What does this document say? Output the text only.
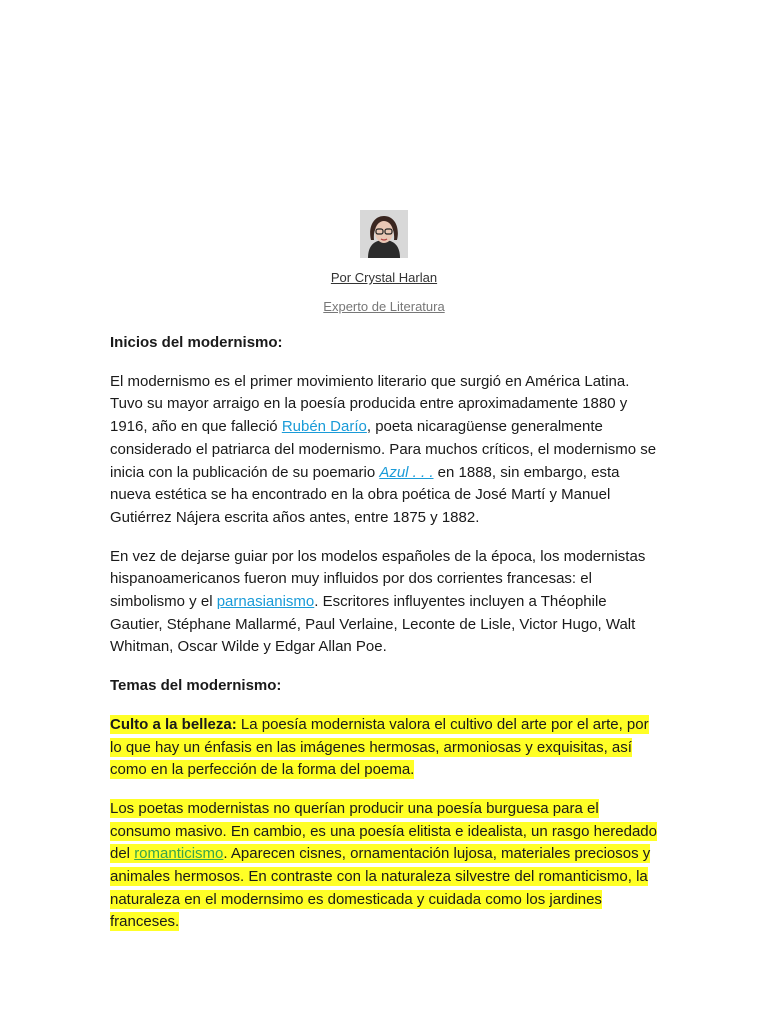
Por Crystal Harlan
Experto de Literatura
Inicios del modernismo:

El modernismo es el primer movimiento literario que surgió en América Latina. Tuvo su mayor arraigo en la poesía producida entre aproximadamente 1880 y 1916, año en que falleció Rubén Darío, poeta nicaragüense generalmente considerado el patriarca del modernismo. Para muchos críticos, el modernismo se inicia con la publicación de su poemario Azul . . . en 1888, sin embargo, esta nueva estética se ha encontrado en la obra poética de José Martí y Manuel Gutiérrez Nájera escrita años antes, entre 1875 y 1882.

En vez de dejarse guiar por los modelos españoles de la época, los modernistas hispanoamericanos fueron muy influidos por dos corrientes francesas: el simbolismo y el parnasianismo. Escritores influyentes incluyen a Théophile Gautier, Stéphane Mallarmé, Paul Verlaine, Leconte de Lisle, Victor Hugo, Walt Whitman, Oscar Wilde y Edgar Allan Poe.

Temas del modernismo:

Culto a la belleza: La poesía modernista valora el cultivo del arte por el arte, por lo que hay un énfasis en las imágenes hermosas, armoniosas y exquisitas, así como en la perfección de la forma del poema.

Los poetas modernistas no querían producir una poesía burguesa para el consumo masivo. En cambio, es una poesía elitista e idealista, un rasgo heredado del romanticismo. Aparecen cisnes, ornamentación lujosa, materiales preciosos y animales hermosos. En contraste con la naturaleza silvestre del romanticismo, la naturaleza en el modernsimo es domesticada y cuidada como los jardines franceses.
